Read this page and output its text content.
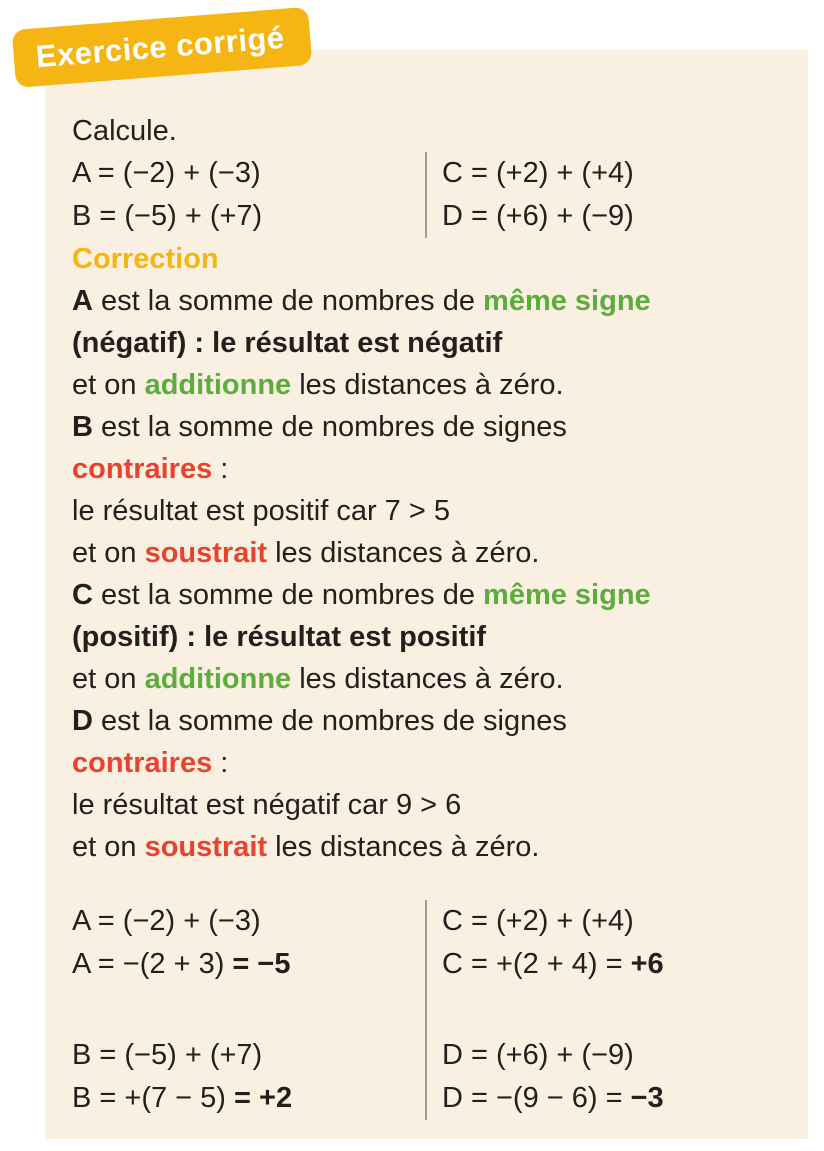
Exercice corrigé
Calcule.
A = (−2) + (−3)
B = (−5) + (+7)
C = (+2) + (+4)
D = (+6) + (−9)
Correction
A est la somme de nombres de même signe
(négatif) : le résultat est négatif
et on additionne les distances à zéro.
B est la somme de nombres de signes
contraires :
le résultat est positif car 7 > 5
et on soustrait les distances à zéro.
C est la somme de nombres de même signe
(positif) : le résultat est positif
et on additionne les distances à zéro.
D est la somme de nombres de signes
contraires :
le résultat est négatif car 9 > 6
et on soustrait les distances à zéro.
A = (−2) + (−3)
A = −(2 + 3) = −5
B = (−5) + (+7)
B = +(7 − 5) = +2
C = (+2) + (+4)
C = +(2 + 4) = +6
D = (+6) + (−9)
D = −(9 − 6) = −3
